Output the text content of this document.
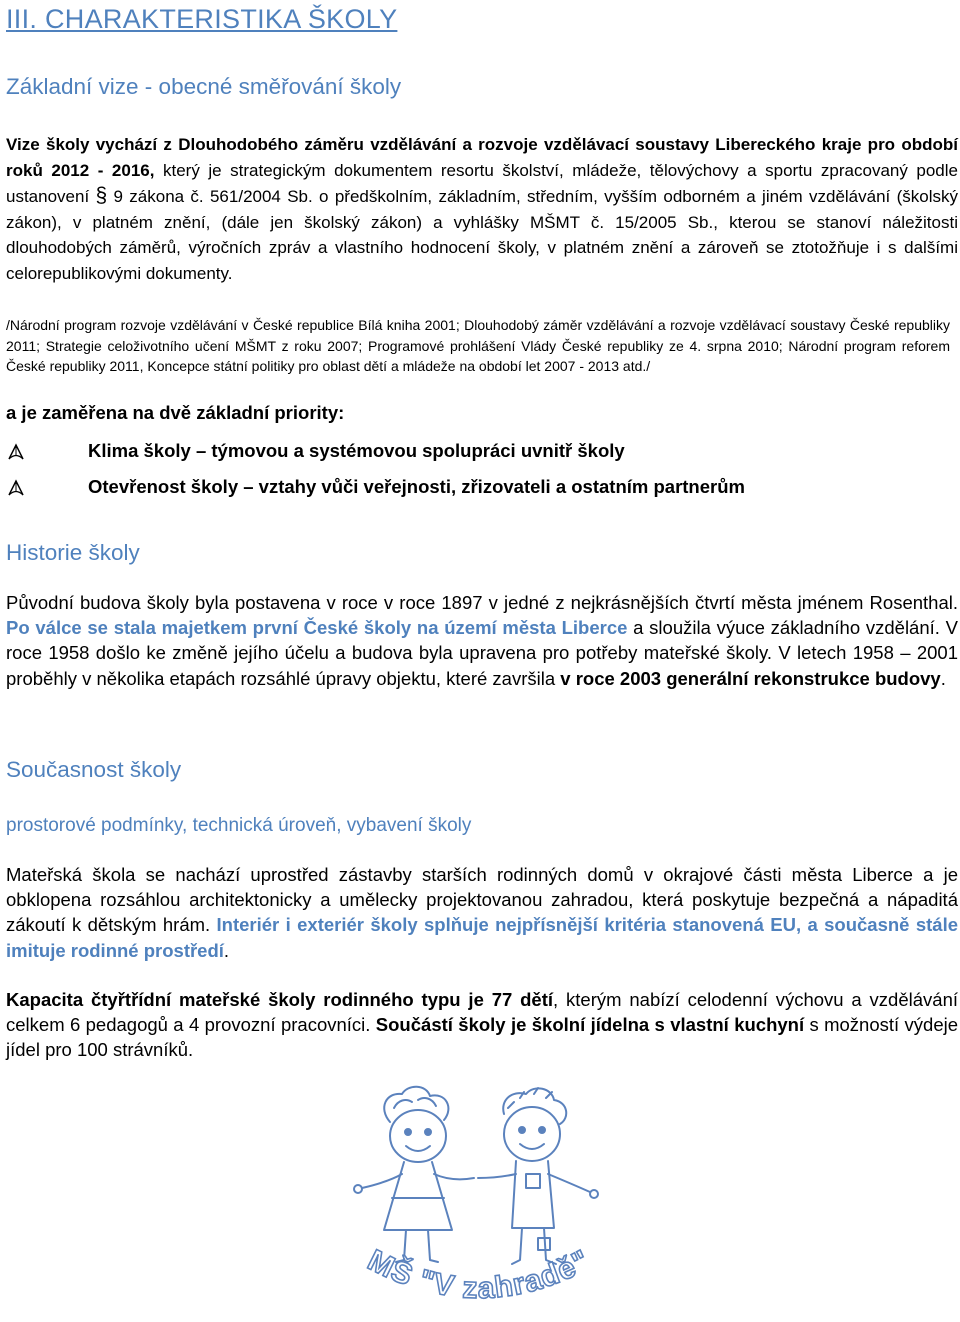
III. CHARAKTERISTIKA ŠKOLY
Základní vize - obecné směřování školy
Vize školy vychází z Dlouhodobého záměru vzdělávání a rozvoje vzdělávací soustavy Libereckého kraje pro období roků 2012 - 2016, který je strategickým dokumentem resortu školství, mládeže, tělovýchovy a sportu zpracovaný podle ustanovení § 9 zákona č. 561/2004 Sb. o předškolním, základním, středním, vyšším odborném a jiném vzdělávání (školský zákon), v platném znění, (dále jen školský zákon) a vyhlášky MŠMT č. 15/2005 Sb., kterou se stanoví náležitosti dlouhodobých záměrů, výročních zpráv a vlastního hodnocení školy, v platném znění a zároveň se ztotožňuje i s dalšími celorepublikovými dokumenty.
/Národní program rozvoje vzdělávání v České republice Bílá kniha 2001; Dlouhodobý záměr vzdělávání a rozvoje vzdělávací soustavy České republiky 2011; Strategie celoživotního učení MŠMT z roku 2007; Programové prohlášení Vlády České republiky ze 4. srpna 2010; Národní program reforem České republiky 2011, Koncepce státní politiky pro oblast dětí a mládeže na období let 2007 - 2013 atd./
a je zaměřena na dvě základní priority:
Klima školy – týmovou a systémovou spolupráci uvnitř školy
Otevřenost školy – vztahy vůči veřejnosti, zřizovateli a ostatním partnerům
Historie školy
Původní budova školy byla postavena v roce v roce 1897 v jedné z nejkrásnějších čtvrtí města jménem Rosenthal. Po válce se stala majetkem první České školy na území města Liberce a sloužila výuce základního vzdělání. V roce 1958 došlo ke změně jejího účelu a budova byla upravena pro potřeby mateřské školy. V letech 1958 – 2001 proběhly v několika etapách rozsáhlé úpravy objektu, které završila v roce 2003 generální rekonstrukce budovy.
Současnost školy
prostorové podmínky, technická úroveň, vybavení školy
Mateřská škola se nachází uprostřed zástavby starších rodinných domů v okrajové části města Liberce a je obklopena rozsáhlou architektonicky a umělecky projektovanou zahradou, která poskytuje bezpečná a nápaditá zákoutí k dětským hrám. Interiér i exteriér školy splňuje nejpřísnější kritéria stanovená EU, a současně stále imituje rodinné prostředí.
Kapacita čtyřtřídní mateřské školy rodinného typu je 77 dětí, kterým nabízí celodenní výchovu a vzdělávání celkem 6 pedagogů a 4 provozní pracovníci. Součástí školy je školní jídelna s vlastní kuchyní s možností výdeje jídel pro 100 strávníků.
MŠ "V zahradě"
